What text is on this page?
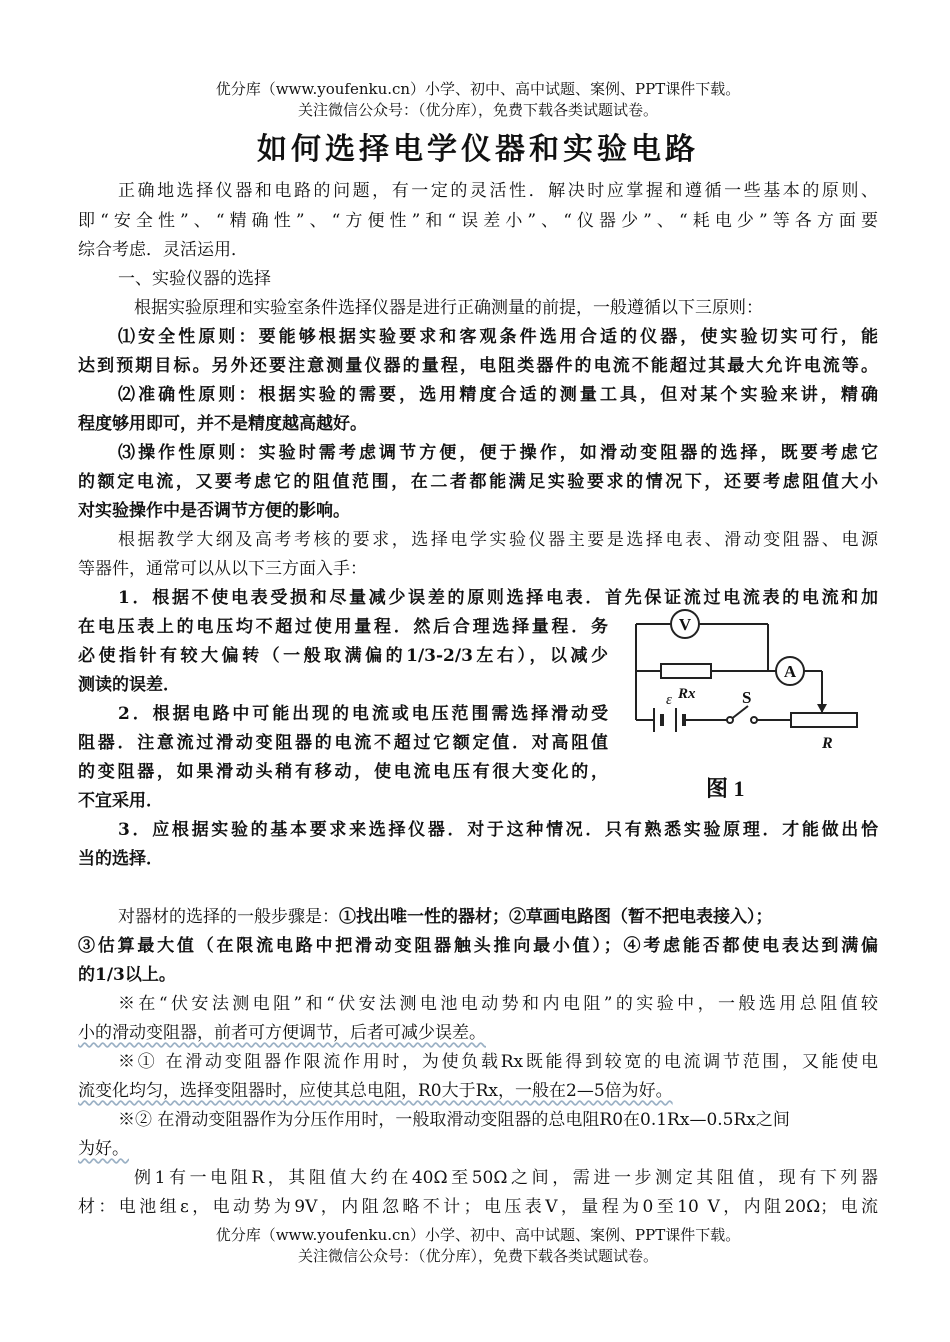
优分库（www.youfenku.cn）小学、初中、高中试题、案例、PPT课件下载。
关注微信公众号：（优分库），免费下载各类试题试卷。
如何选择电学仪器和实验电路
正确地选择仪器和电路的问题，有一定的灵活性．解决时应掌握和遵循一些基本的原则、
即“安全性”、“精确性”、“方便性”和“误差小”、“仪器少”、“耗电少”等各方面要
综合考虑．灵活运用．
一、实验仪器的选择
根据实验原理和实验室条件选择仪器是进行正确测量的前提，一般遵循以下三原则：
⑴安全性原则：要能够根据实验要求和客观条件选用合适的仪器，使实验切实可行，能
达到预期目标。另外还要注意测量仪器的量程，电阻类器件的电流不能超过其最大允许电流等。
⑵准确性原则：根据实验的需要，选用精度合适的测量工具，但对某个实验来讲，精确
程度够用即可，并不是精度越高越好。
⑶操作性原则：实验时需考虑调节方便，便于操作，如滑动变阻器的选择，既要考虑它
的额定电流，又要考虑它的阻值范围，在二者都能满足实验要求的情况下，还要考虑阻值大小
对实验操作中是否调节方便的影响。
根据教学大纲及高考考核的要求，选择电学实验仪器主要是选择电表、滑动变阻器、电源
等器件，通常可以从以下三方面入手：
1．根据不使电表受损和尽量减少误差的原则选择电表．首先保证流过电流表的电流和加
在电压表上的电压均不超过使用量程．然后合理选择量程．务
必使指针有较大偏转（一般取满偏的1/3-2/3左右），以减少
测读的误差．
2．根据电路中可能出现的电流或电压范围需选择滑动受
阻器．注意流过滑动变阻器的电流不超过它额定值．对高阻值
的变阻器，如果滑动头稍有移动，使电流电压有很大变化的，
不宜采用．
3．应根据实验的基本要求来选择仪器．对于这种情况．只有熟悉实验原理．才能做出恰
当的选择．
对器材的选择的一般步骤是：①找出唯一性的器材；②草画电路图（暂不把电表接入）；
③估算最大值（在限流电路中把滑动变阻器触头推向最小值）；④考虑能否都使电表达到满偏
的1/3以上。
※在“伏安法测电阻”和“伏安法测电池电动势和内电阻”的实验中，一般选用总阻值较
小的滑动变阻器，前者可方便调节，后者可减少误差。
※① 在滑动变阻器作限流作用时，为使负载Rx既能得到较宽的电流调节范围，又能使电
流变化均匀，选择变阻器时，应使其总电阻，R0大于Rx，一般在2—5倍为好。
※② 在滑动变阻器作为分压作用时，一般取滑动变阻器的总电阻R0在0.1Rx—0.5Rx之间
为好。
例1有一电阻R，其阻值大约在40Ω至50Ω之间，需进一步测定其阻值，现有下列器
材：电池组ε，电动势为9V，内阻忽略不计；电压表V，量程为0至10 V，内阻20Ω；电流
优分库（www.youfenku.cn）小学、初中、高中试题、案例、PPT课件下载。
关注微信公众号：（优分库），免费下载各类试题试卷。
V
A
Rx
ε	S
R
图 1
